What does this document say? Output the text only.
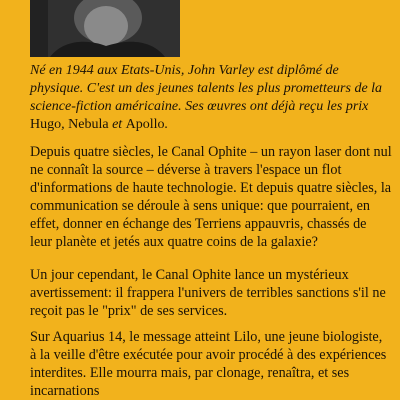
Né en 1944 aux Etats-Unis, John Varley est diplômé de physique. C'est un des jeunes talents les plus prometteurs de la science-fiction américaine. Ses œuvres ont déjà reçu les prix Hugo, Nebula et Apollo.
Depuis quatre siècles, le Canal Ophite – un rayon laser dont nul ne connaît la source – déverse à travers l'espace un flot d'informations de haute technologie. Et depuis quatre siècles, la communication se déroule à sens unique: que pourraient, en effet, donner en échange des Terriens appauvris, chassés de leur planète et jetés aux quatre coins de la galaxie?
Un jour cependant, le Canal Ophite lance un mystérieux avertissement: il frappera l'univers de terribles sanctions s'il ne reçoit pas le "prix" de ses services.
Sur Aquarius 14, le message atteint Lilo, une jeune biologiste, à la veille d'être exécutée pour avoir procédé à des expériences interdites. Elle mourra mais, par clonage, renaîtra, et ses incarnations
